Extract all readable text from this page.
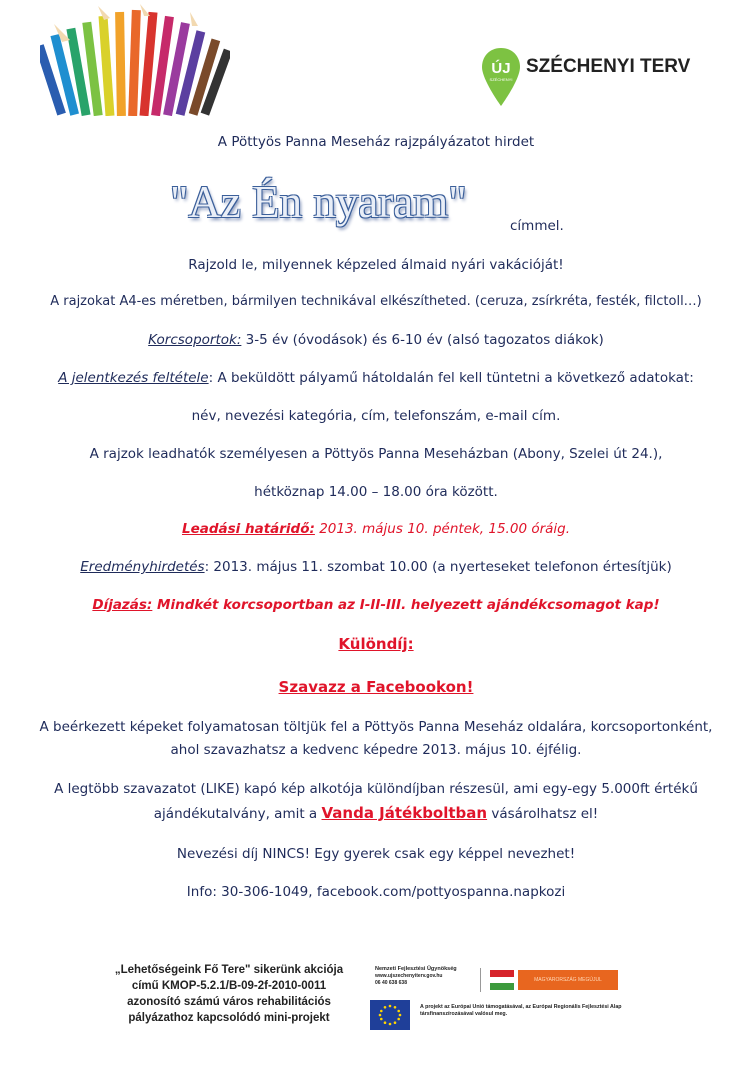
ÚJ
SZÉCHENYI
SZÉCHENYI TERV
A Pöttyös Panna Meseház rajzpályázatot hirdet
"Az Én nyaram"	címmel.
Rajzold le, milyennek képzeled álmaid nyári vakációját!
A rajzokat A4-es méretben, bármilyen technikával elkészítheted. (ceruza, zsírkréta, festék, filctoll…)
Korcsoportok: 3-5 év (óvodások) és 6-10 év (alsó tagozatos diákok)
A jelentkezés feltétele: A beküldött pályamű hátoldalán fel kell tüntetni a következő adatokat:
név, nevezési kategória, cím, telefonszám, e-mail cím.
A rajzok leadhatók személyesen a Pöttyös Panna Meseházban (Abony, Szelei út 24.),
hétköznap 14.00 – 18.00 óra között.
Leadási határidő: 2013. május 10. péntek, 15.00 óráig.
Eredményhirdetés: 2013. május 11. szombat 10.00 (a nyerteseket telefonon értesítjük)
Díjazás: Mindkét korcsoportban az I-II-III. helyezett ajándékcsomagot kap!
Különdíj:
Szavazz a Facebookon!
A beérkezett képeket folyamatosan töltjük fel a Pöttyös Panna Meseház oldalára, korcsoportonként,
ahol szavazhatsz a kedvenc képedre 2013. május 10. éjfélig.
A legtöbb szavazatot (LIKE) kapó kép alkotója különdíjban részesül, ami egy-egy 5.000ft értékű
ajándékutalvány, amit a Vanda Játékboltban vásárolhatsz el!
Nevezési díj NINCS! Egy gyerek csak egy képpel nevezhet!
Info: 30-306-1049, facebook.com/pottyospanna.napkozi
„Lehetőségeink Fő Tere" sikerünk akciója
című KMOP-5.2.1/B-09-2f-2010-0011
azonosító számú város rehabilitációs
pályázathoz kapcsolódó mini-projekt
Nemzeti Fejlesztési Ügynökség
www.ujszechenyiterv.gov.hu
06 40 638 638	MAGYARORSZÁG MEGÚJUL
A projekt az Európai Unió támogatásával, az Európai Regionális Fejlesztési Alap társfinanszírozásával valósul meg.
